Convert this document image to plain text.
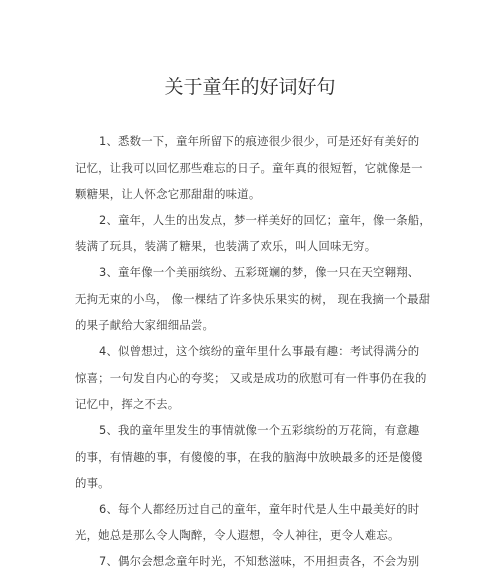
关于童年的好词好句
1、悉数一下，童年所留下的痕迹很少很少，可是还好有美好的
记忆，让我可以回忆那些难忘的日子。童年真的很短暂，它就像是一
颗糖果，让人怀念它那甜甜的味道。
2、童年，人生的出发点，梦一样美好的回忆；童年，像一条船，
装满了玩具，装满了糖果，也装满了欢乐，叫人回味无穷。
3、童年像一个美丽缤纷、五彩斑斓的梦，像一只在天空翱翔、
无拘无束的小鸟， 像一棵结了许多快乐果实的树， 现在我摘一个最甜
的果子献给大家细细品尝。
4、似曾想过，这个缤纷的童年里什么事最有趣：考试得满分的
惊喜；一句发自内心的夸奖； 又或是成功的欣慰可有一件事仍在我的
记忆中，挥之不去。
5、我的童年里发生的事情就像一个五彩缤纷的万花筒，有意趣
的事，有情趣的事，有傻傻的事，在我的脑海中放映最多的还是傻傻
的事。
6、每个人都经历过自己的童年，童年时代是人生中最美好的时
光，她总是那么令人陶醉，令人遐想，令人神往，更令人难忘。
7、偶尔会想念童年时光，不知愁滋味，不用担责各，不会为别
